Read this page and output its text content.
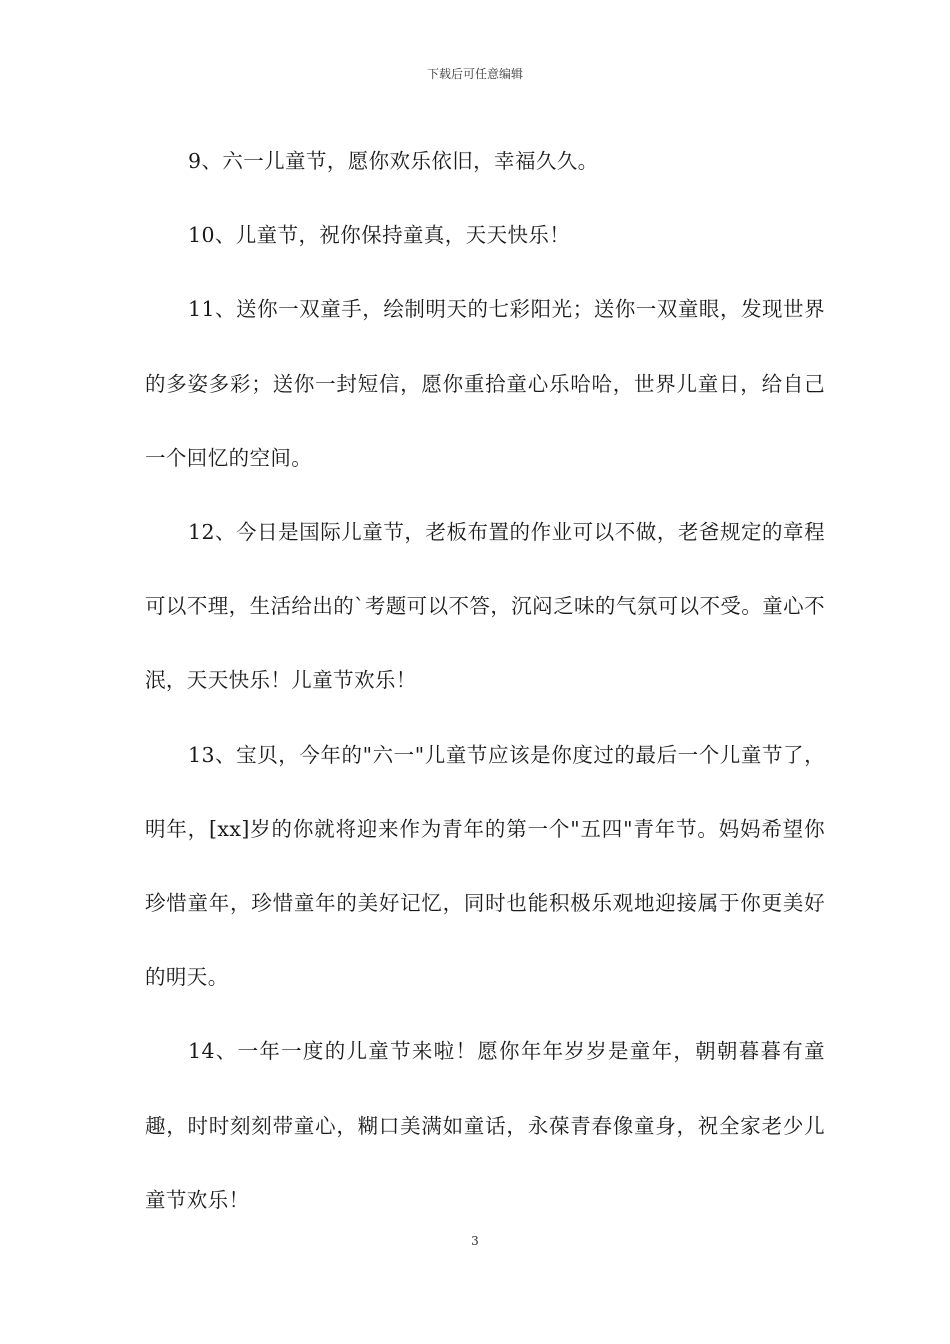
下载后可任意编辑

9、六一儿童节，愿你欢乐依旧，幸福久久。

10、儿童节，祝你保持童真，天天快乐！

11、送你一双童手，绘制明天的七彩阳光；送你一双童眼，发现世界的多姿多彩；送你一封短信，愿你重拾童心乐哈哈，世界儿童日，给自己一个回忆的空间。

12、今日是国际儿童节，老板布置的作业可以不做，老爸规定的章程可以不理，生活给出的`考题可以不答，沉闷乏味的气氛可以不受。童心不泯，天天快乐！儿童节欢乐！

13、宝贝，今年的"六一"儿童节应该是你度过的最后一个儿童节了，明年，[xx]岁的你就将迎来作为青年的第一个"五四"青年节。妈妈希望你珍惜童年，珍惜童年的美好记忆，同时也能积极乐观地迎接属于你更美好的明天。

14、一年一度的儿童节来啦！愿你年年岁岁是童年，朝朝暮暮有童趣，时时刻刻带童心，糊口美满如童话，永葆青春像童身，祝全家老少儿童节欢乐！

3
